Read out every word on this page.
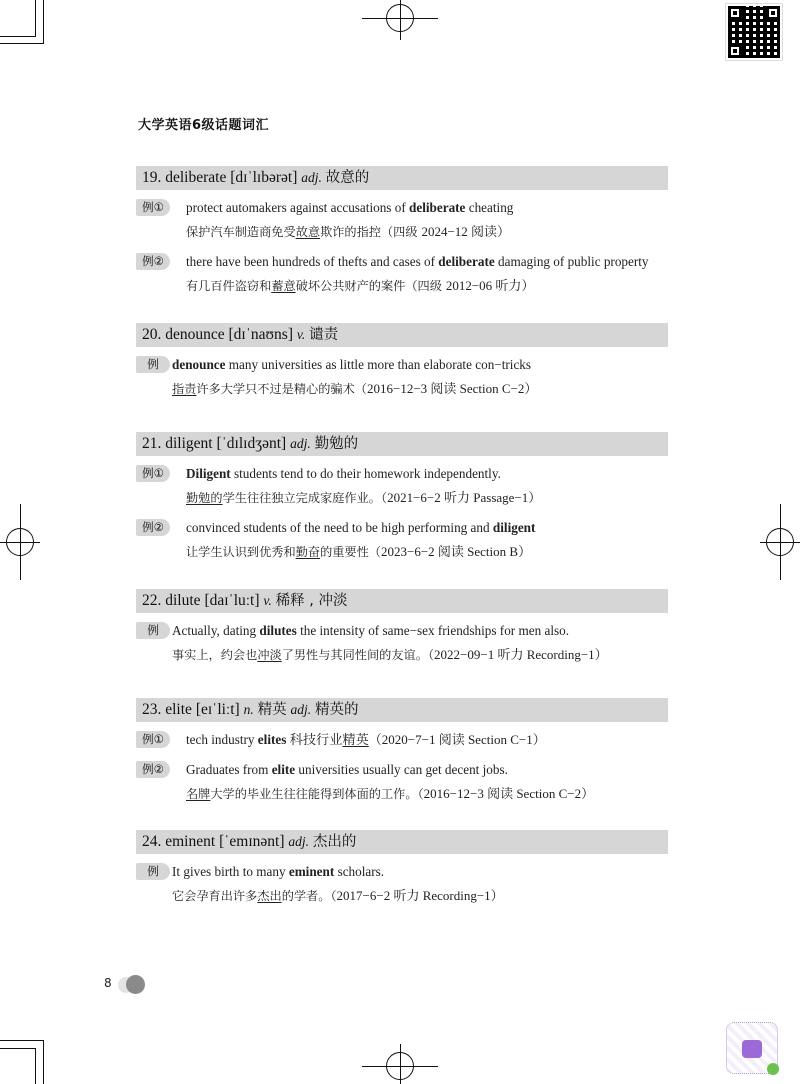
大学英语6级话题词汇
19. deliberate [dɪˈlɪbərət] adj. 故意的
例①	protect automakers against accusations of deliberate cheating
保护汽车制造商免受故意欺诈的指控（四级 2024−12 阅读）
例②	there have been hundreds of thefts and cases of deliberate damaging of public property
有几百件盗窃和蓄意破坏公共财产的案件（四级 2012−06 听力）
20. denounce [dɪˈnaʊns] v. 谴责
例	denounce many universities as little more than elaborate con−tricks
指责许多大学只不过是精心的骗术（2016−12−3 阅读 Section C−2）
21. diligent [ˈdɪlɪdʒənt] adj. 勤勉的
例①	Diligent students tend to do their homework independently.
勤勉的学生往往独立完成家庭作业。（2021−6−2 听力 Passage−1）
例②	convinced students of the need to be high performing and diligent
让学生认识到优秀和勤奋的重要性（2023−6−2 阅读 Section B）
22. dilute [daɪˈluːt] v. 稀释 , 冲淡
例	Actually, dating dilutes the intensity of same−sex friendships for men also.
事实上，约会也冲淡了男性与其同性间的友谊。（2022−09−1 听力 Recording−1）
23. elite [eɪˈliːt] n. 精英 adj. 精英的
例①	tech industry elites 科技行业精英（2020−7−1 阅读 Section C−1）
例②	Graduates from elite universities usually can get decent jobs.
名牌大学的毕业生往往能得到体面的工作。（2016−12−3 阅读 Section C−2）
24. eminent [ˈemɪnənt] adj. 杰出的
例	It gives birth to many eminent scholars.
它会孕育出许多杰出的学者。（2017−6−2 听力 Recording−1）
8
